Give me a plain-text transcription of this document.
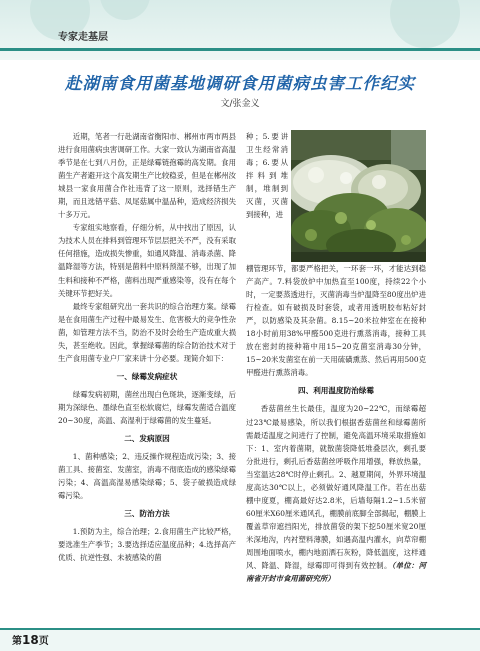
专家走基层
赴湖南食用菌基地调研食用菌病虫害工作纪实
文/张金义

近期，笔者一行赴湖南省衡阳市、郴州市两市两县进行食用菌病虫害调研工作。大家一致认为湖南省高温季节是在七到八月份，正是绿霉链孢霉的高发期。食用菌生产者避开这个高发期生产比较稳妥，但是在郴州汝城县一家食用菌合作社违背了这一原则，选择错生产期，而且选错平菇、凤尾菇属中温品种，造成经济损失十多万元。

专家组实地察看，仔细分析，从中找出了原因，认为技术人员在排料到管理环节层层把关不严，没有采取任何措施，造成损失惨重，如通风降温、消毒杀菌、降温降湿等方法，特别是菌料中原料预湿不够，出现了加生料和接种不严格，菌料出现严重感染等，没有在每个关键环节把好关。

最终专家组研究出一套共识的综合治理方案。绿霉是在食用菌生产过程中最易发生、危害极大的竞争性杂菌，如管理方法不当，防治不及时会给生产造成重大损失，甚至绝收。因此，掌握绿霉菌的综合防治技术对于生产食用菌专业户厂家来讲十分必要。现简介如下：

一、绿霉发病症状

绿霉发病初期，菌丝出现白色斑块，逐渐变绿，后期为深绿色、墨绿色直至松软腐烂，绿霉发菌适合温度20~30度，高温、高湿利于绿霉菌的发生蔓延。

二、发病原因

1、菌种感染；2、违反操作规程造成污染；3、接菌工具、接菌室、发菌室，消毒不彻底造成的感染绿霉污染；4、高温高湿易感染绿霉；5、袋子破损造成绿霉污染。

三、防治方法

1.预防为主，综合治理；2.食用菌生产比较严格，要选准生产季节；3.要选择适应温度品种；4.选择高产优质、抗逆性强、未被感染的菌

种；5.要讲卫生经常消毒；6.要从拌料到堆制，堆制到灭菌，灭菌到接种，进

棚管理环节，都要严格把关，一环套一环，才能达到稳产高产。7.料袋放炉中加热直至100度，持续22个小时，一定要蒸透进行，灭菌消毒当炉温降至80度出炉进行检查。如有破损及时套袋，或者用透明胶布粘好封严，以防感染及其杂菌。8.15~20米拉伸室在在接种18小时前用38%甲醛500克进行熏蒸消毒，接种工具放在密封的接种箱中用15~20克菌室消毒30分钟，15~20米发菌室在前一天用硫磺熏蒸、然后再用500克甲醛进行熏蒸消毒。

四、利用温度防治绿霉

香菇菌丝生长最佳，温度为20~22℃，而绿霉超过23℃最易感染，所以我们根据香菇菌丝和绿霉菌所需最适温度之间进行了控制，避免高温环境采取措施如下：1、室内着菌期，就散菌袋降低堆叠层次，剩孔要分批进行，剩孔后香菇菌丝呼吸作用增强，释放热量，当室温达28℃时停止剩孔。2、越夏期间，外界环境温度高达30℃以上，必须做好通风降温工作。若在出菇棚中度夏，棚高最好达2.8米，后墙每隔1.2~1.5米留60厘米X60厘米通风孔，棚膜前底脚全部揭起，棚膜上覆盖草帘遮挡阳光，排放菌袋的架下挖50厘米宽20厘米深地沟，内衬塑料薄膜，如遇高温内灌水，向草帘棚周围地面喷水，棚内地面洒石灰粉，降低温度，这样通风、降温、降湿，绿霉即可得到有效控制。（单位：河南省开封市食用菌研究所）

第18页
